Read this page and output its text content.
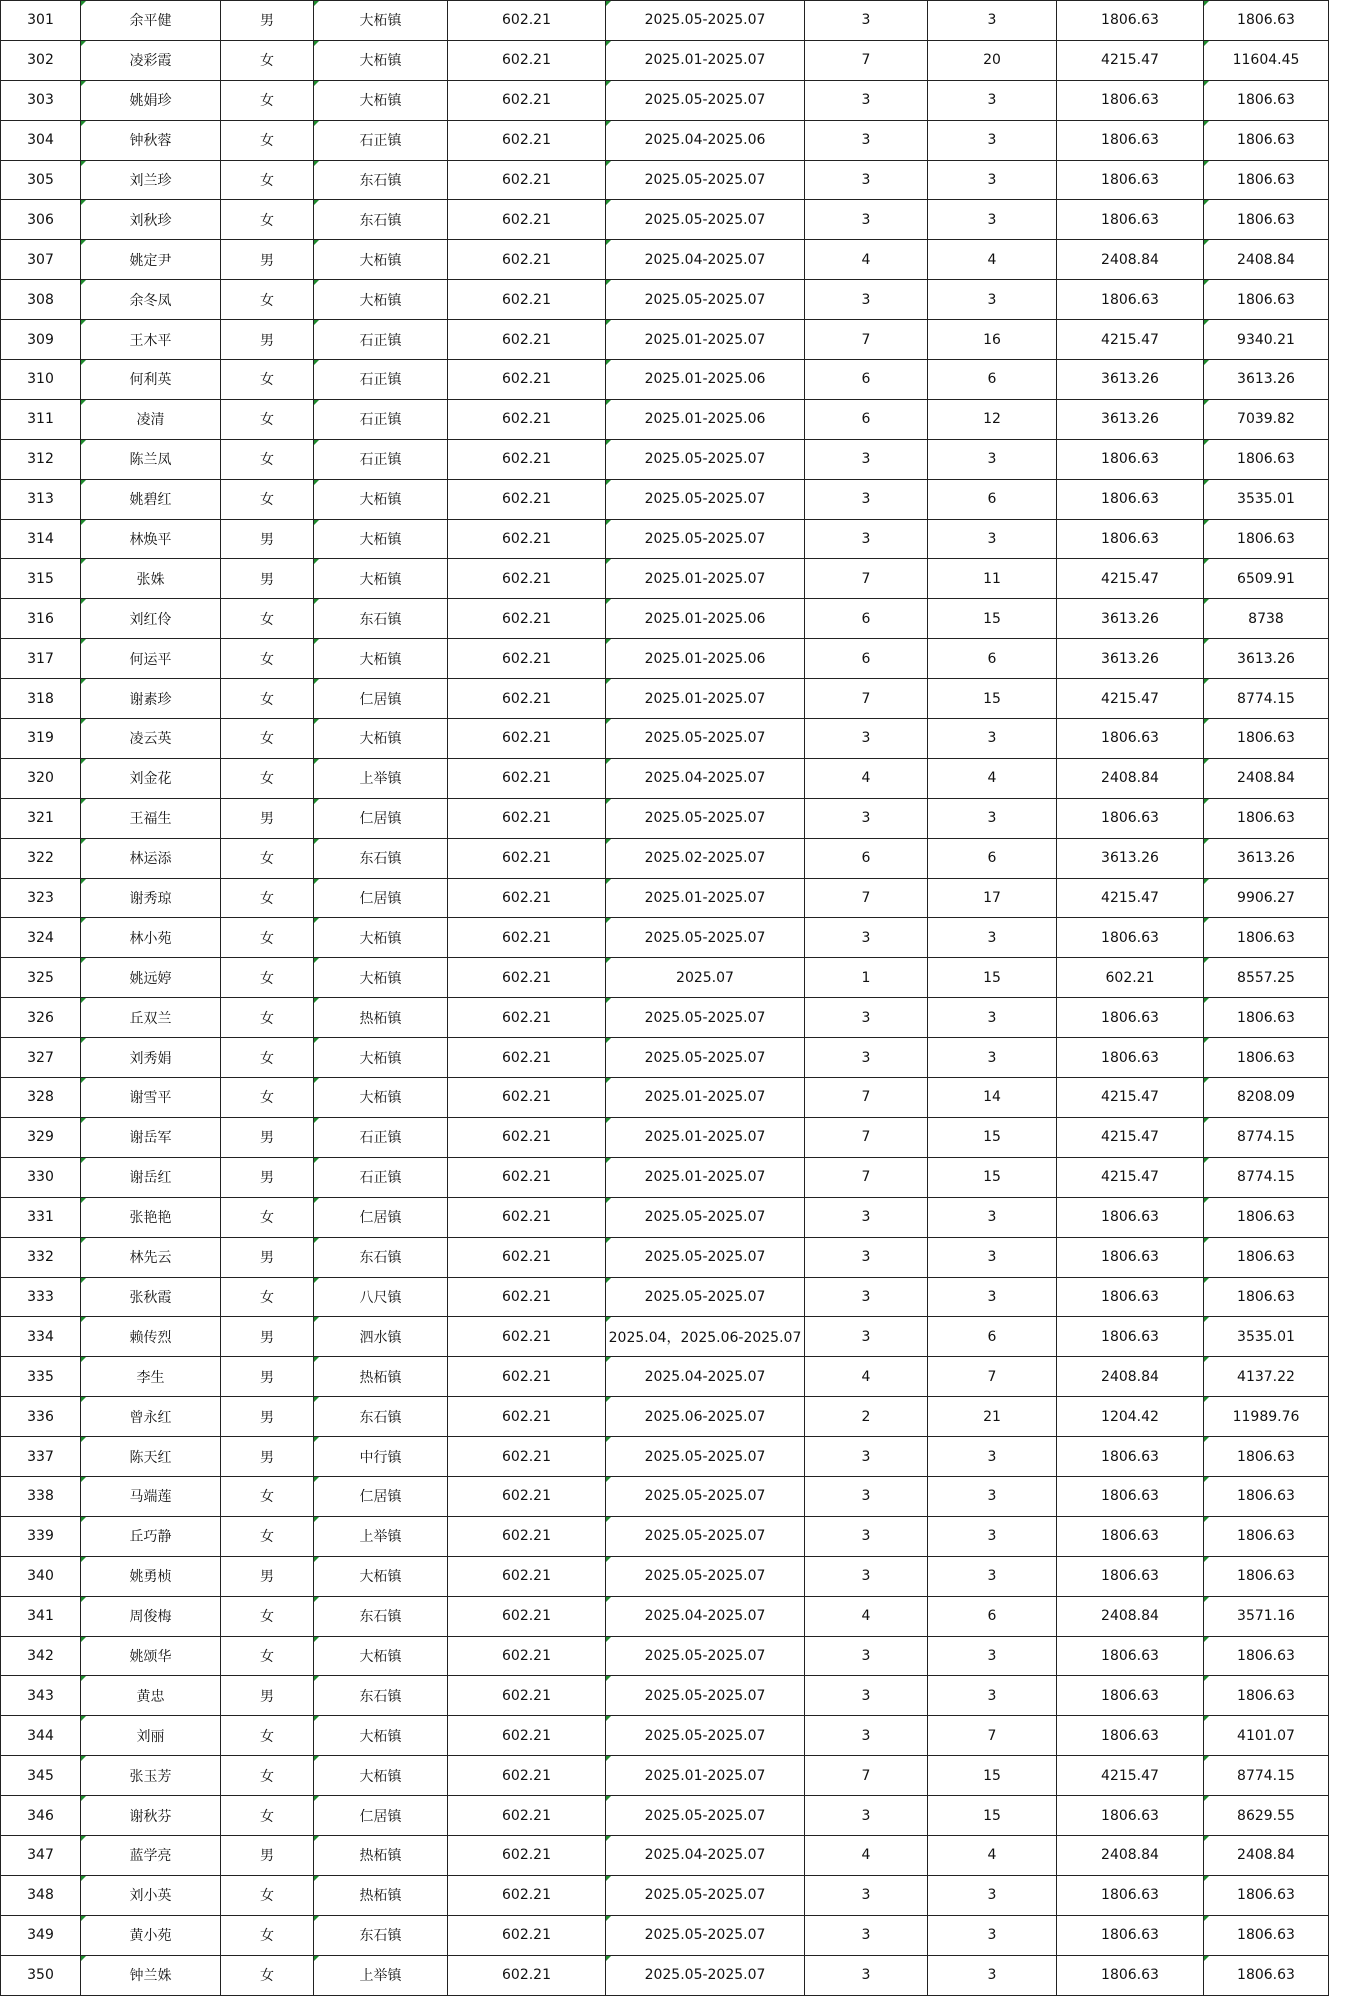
301	余平健	男	大柘镇	602.21	2025.05-2025.07	3	3	1806.63	1806.63
302	凌彩霞	女	大柘镇	602.21	2025.01-2025.07	7	20	4215.47	11604.45
303	姚娟珍	女	大柘镇	602.21	2025.05-2025.07	3	3	1806.63	1806.63
304	钟秋蓉	女	石正镇	602.21	2025.04-2025.06	3	3	1806.63	1806.63
305	刘兰珍	女	东石镇	602.21	2025.05-2025.07	3	3	1806.63	1806.63
306	刘秋珍	女	东石镇	602.21	2025.05-2025.07	3	3	1806.63	1806.63
307	姚定尹	男	大柘镇	602.21	2025.04-2025.07	4	4	2408.84	2408.84
308	余冬凤	女	大柘镇	602.21	2025.05-2025.07	3	3	1806.63	1806.63
309	王木平	男	石正镇	602.21	2025.01-2025.07	7	16	4215.47	9340.21
310	何利英	女	石正镇	602.21	2025.01-2025.06	6	6	3613.26	3613.26
311	凌清	女	石正镇	602.21	2025.01-2025.06	6	12	3613.26	7039.82
312	陈兰凤	女	石正镇	602.21	2025.05-2025.07	3	3	1806.63	1806.63
313	姚碧红	女	大柘镇	602.21	2025.05-2025.07	3	6	1806.63	3535.01
314	林焕平	男	大柘镇	602.21	2025.05-2025.07	3	3	1806.63	1806.63
315	张姝	男	大柘镇	602.21	2025.01-2025.07	7	11	4215.47	6509.91
316	刘红伶	女	东石镇	602.21	2025.01-2025.06	6	15	3613.26	8738
317	何运平	女	大柘镇	602.21	2025.01-2025.06	6	6	3613.26	3613.26
318	谢素珍	女	仁居镇	602.21	2025.01-2025.07	7	15	4215.47	8774.15
319	凌云英	女	大柘镇	602.21	2025.05-2025.07	3	3	1806.63	1806.63
320	刘金花	女	上举镇	602.21	2025.04-2025.07	4	4	2408.84	2408.84
321	王福生	男	仁居镇	602.21	2025.05-2025.07	3	3	1806.63	1806.63
322	林运添	女	东石镇	602.21	2025.02-2025.07	6	6	3613.26	3613.26
323	谢秀琼	女	仁居镇	602.21	2025.01-2025.07	7	17	4215.47	9906.27
324	林小苑	女	大柘镇	602.21	2025.05-2025.07	3	3	1806.63	1806.63
325	姚远婷	女	大柘镇	602.21	2025.07	1	15	602.21	8557.25
326	丘双兰	女	热柘镇	602.21	2025.05-2025.07	3	3	1806.63	1806.63
327	刘秀娟	女	大柘镇	602.21	2025.05-2025.07	3	3	1806.63	1806.63
328	谢雪平	女	大柘镇	602.21	2025.01-2025.07	7	14	4215.47	8208.09
329	谢岳军	男	石正镇	602.21	2025.01-2025.07	7	15	4215.47	8774.15
330	谢岳红	男	石正镇	602.21	2025.01-2025.07	7	15	4215.47	8774.15
331	张艳艳	女	仁居镇	602.21	2025.05-2025.07	3	3	1806.63	1806.63
332	林先云	男	东石镇	602.21	2025.05-2025.07	3	3	1806.63	1806.63
333	张秋霞	女	八尺镇	602.21	2025.05-2025.07	3	3	1806.63	1806.63
334	赖传烈	男	泗水镇	602.21	2025.04，2025.06-2025.07	3	6	1806.63	3535.01
335	李生	男	热柘镇	602.21	2025.04-2025.07	4	7	2408.84	4137.22
336	曾永红	男	东石镇	602.21	2025.06-2025.07	2	21	1204.42	11989.76
337	陈天红	男	中行镇	602.21	2025.05-2025.07	3	3	1806.63	1806.63
338	马端莲	女	仁居镇	602.21	2025.05-2025.07	3	3	1806.63	1806.63
339	丘巧静	女	上举镇	602.21	2025.05-2025.07	3	3	1806.63	1806.63
340	姚勇桢	男	大柘镇	602.21	2025.05-2025.07	3	3	1806.63	1806.63
341	周俊梅	女	东石镇	602.21	2025.04-2025.07	4	6	2408.84	3571.16
342	姚颂华	女	大柘镇	602.21	2025.05-2025.07	3	3	1806.63	1806.63
343	黄忠	男	东石镇	602.21	2025.05-2025.07	3	3	1806.63	1806.63
344	刘丽	女	大柘镇	602.21	2025.05-2025.07	3	7	1806.63	4101.07
345	张玉芳	女	大柘镇	602.21	2025.01-2025.07	7	15	4215.47	8774.15
346	谢秋芬	女	仁居镇	602.21	2025.05-2025.07	3	15	1806.63	8629.55
347	蓝学亮	男	热柘镇	602.21	2025.04-2025.07	4	4	2408.84	2408.84
348	刘小英	女	热柘镇	602.21	2025.05-2025.07	3	3	1806.63	1806.63
349	黄小苑	女	东石镇	602.21	2025.05-2025.07	3	3	1806.63	1806.63
350	钟兰姝	女	上举镇	602.21	2025.05-2025.07	3	3	1806.63	1806.63
